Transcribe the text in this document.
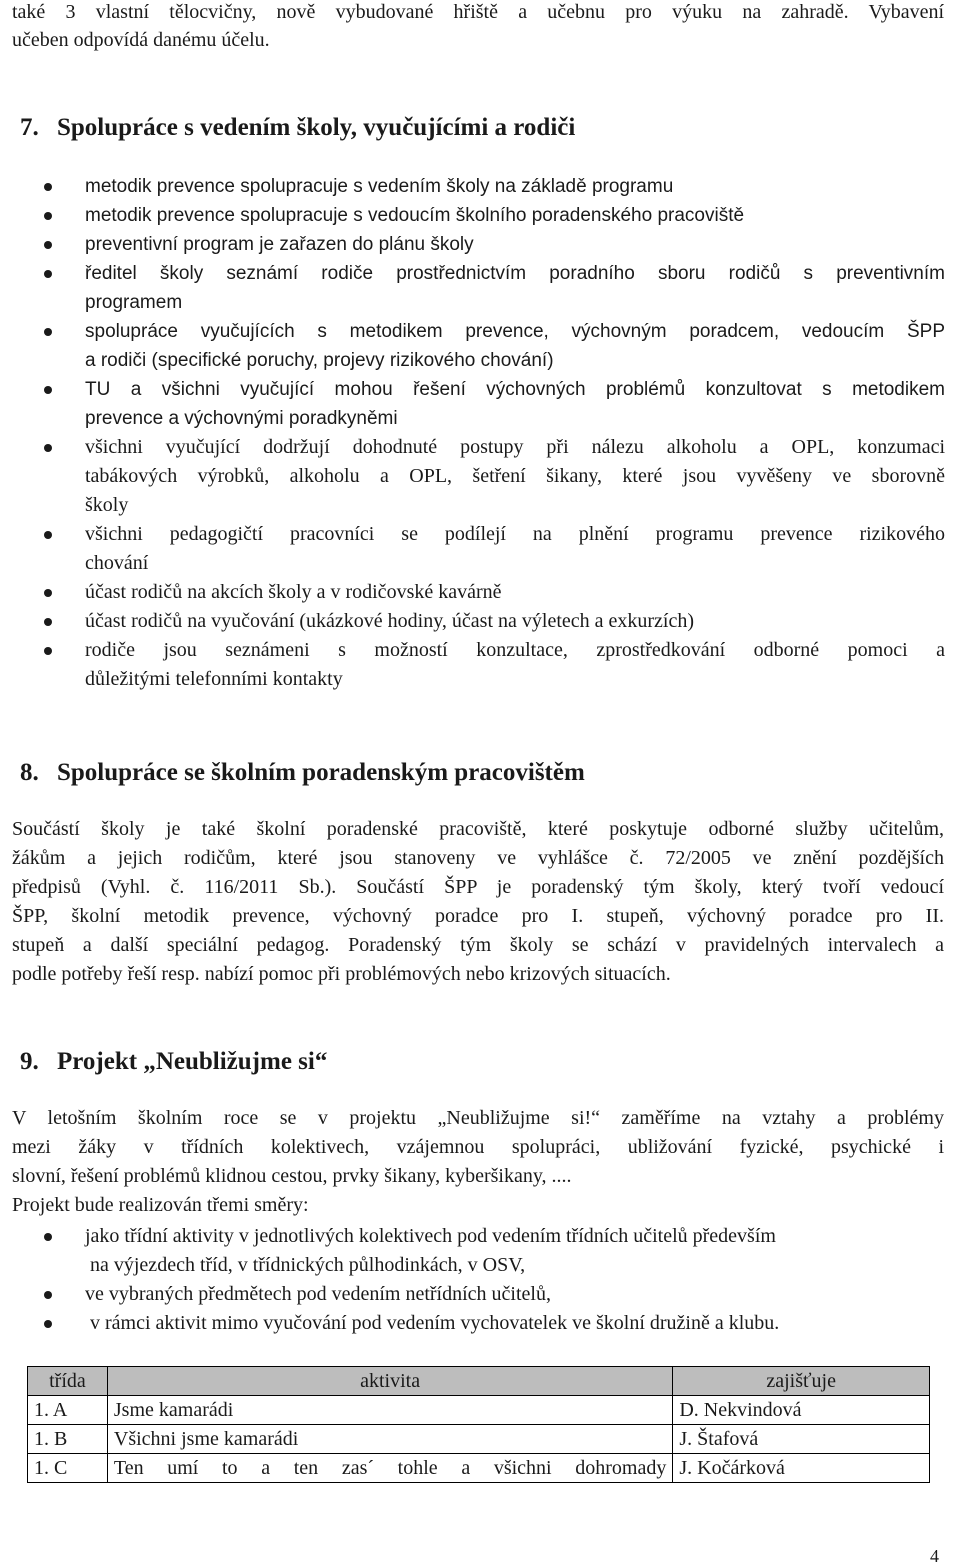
také 3 vlastní tělocvičny, nově vybudované hřiště a učebnu pro výuku na zahradě. Vybavení
učeben odpovídá danému účelu.
7. Spolupráce s vedením školy, vyučujícími a rodiči
metodik prevence spolupracuje s vedením školy na základě programu
metodik prevence spolupracuje s vedoucím školního poradenského pracoviště
preventivní program je zařazen do plánu školy
ředitel školy seznámí rodiče prostřednictvím poradního sboru rodičů s preventivním
programem
spolupráce vyučujících s metodikem prevence, výchovným poradcem, vedoucím ŠPP
a rodiči (specifické poruchy, projevy rizikového chování)
TU a všichni vyučující mohou řešení výchovných problémů konzultovat s metodikem
prevence a výchovnými poradkyněmi
všichni vyučující dodržují dohodnuté postupy při nálezu alkoholu a OPL, konzumaci
tabákových výrobků, alkoholu a OPL, šetření šikany, které jsou vyvěšeny ve sborovně
školy
všichni pedagogičtí pracovníci se podílejí na plnění programu prevence rizikového
chování
účast rodičů na akcích školy a v rodičovské kavárně
účast rodičů na vyučování (ukázkové hodiny, účast na výletech a exkurzích)
rodiče jsou seznámeni s možností konzultace, zprostředkování odborné pomoci a
důležitými telefonními kontakty
8. Spolupráce se školním poradenským pracovištěm
Součástí školy je také školní poradenské pracoviště, které poskytuje odborné služby učitelům,
žákům a jejich rodičům, které jsou stanoveny ve vyhlášce č. 72/2005 ve znění pozdějších
předpisů (Vyhl. č. 116/2011 Sb.). Součástí ŠPP je poradenský tým školy, který tvoří vedoucí
ŠPP, školní metodik prevence, výchovný poradce pro I. stupeň, výchovný poradce pro II.
stupeň a další speciální pedagog. Poradenský tým školy se schází v pravidelných intervalech a
podle potřeby řeší resp. nabízí pomoc při problémových nebo krizových situacích.
9. Projekt „Neubližujme si“
V letošním školním roce se v projektu „Neubližujme si!“ zaměříme na vztahy a problémy
mezi žáky v třídních kolektivech, vzájemnou spolupráci, ubližování fyzické, psychické i
slovní, řešení problémů klidnou cestou, prvky šikany, kyberšikany, ....
Projekt bude realizován třemi směry:
jako třídní aktivity v jednotlivých kolektivech pod vedením třídních učitelů především
na výjezdech tříd, v třídnických půlhodinkách, v OSV,
ve vybraných předmětech pod vedením netřídních učitelů,
v rámci aktivit mimo vyučování pod vedením vychovatelek ve školní družině a klubu.
třída	aktivita	zajišťuje
1. A	Jsme kamarádi	D. Nekvindová
1. B	Všichni jsme kamarádi	J. Štafová
1. C	Ten umí to a ten zas´ tohle a všichni dohromady	J. Kočárková
4
